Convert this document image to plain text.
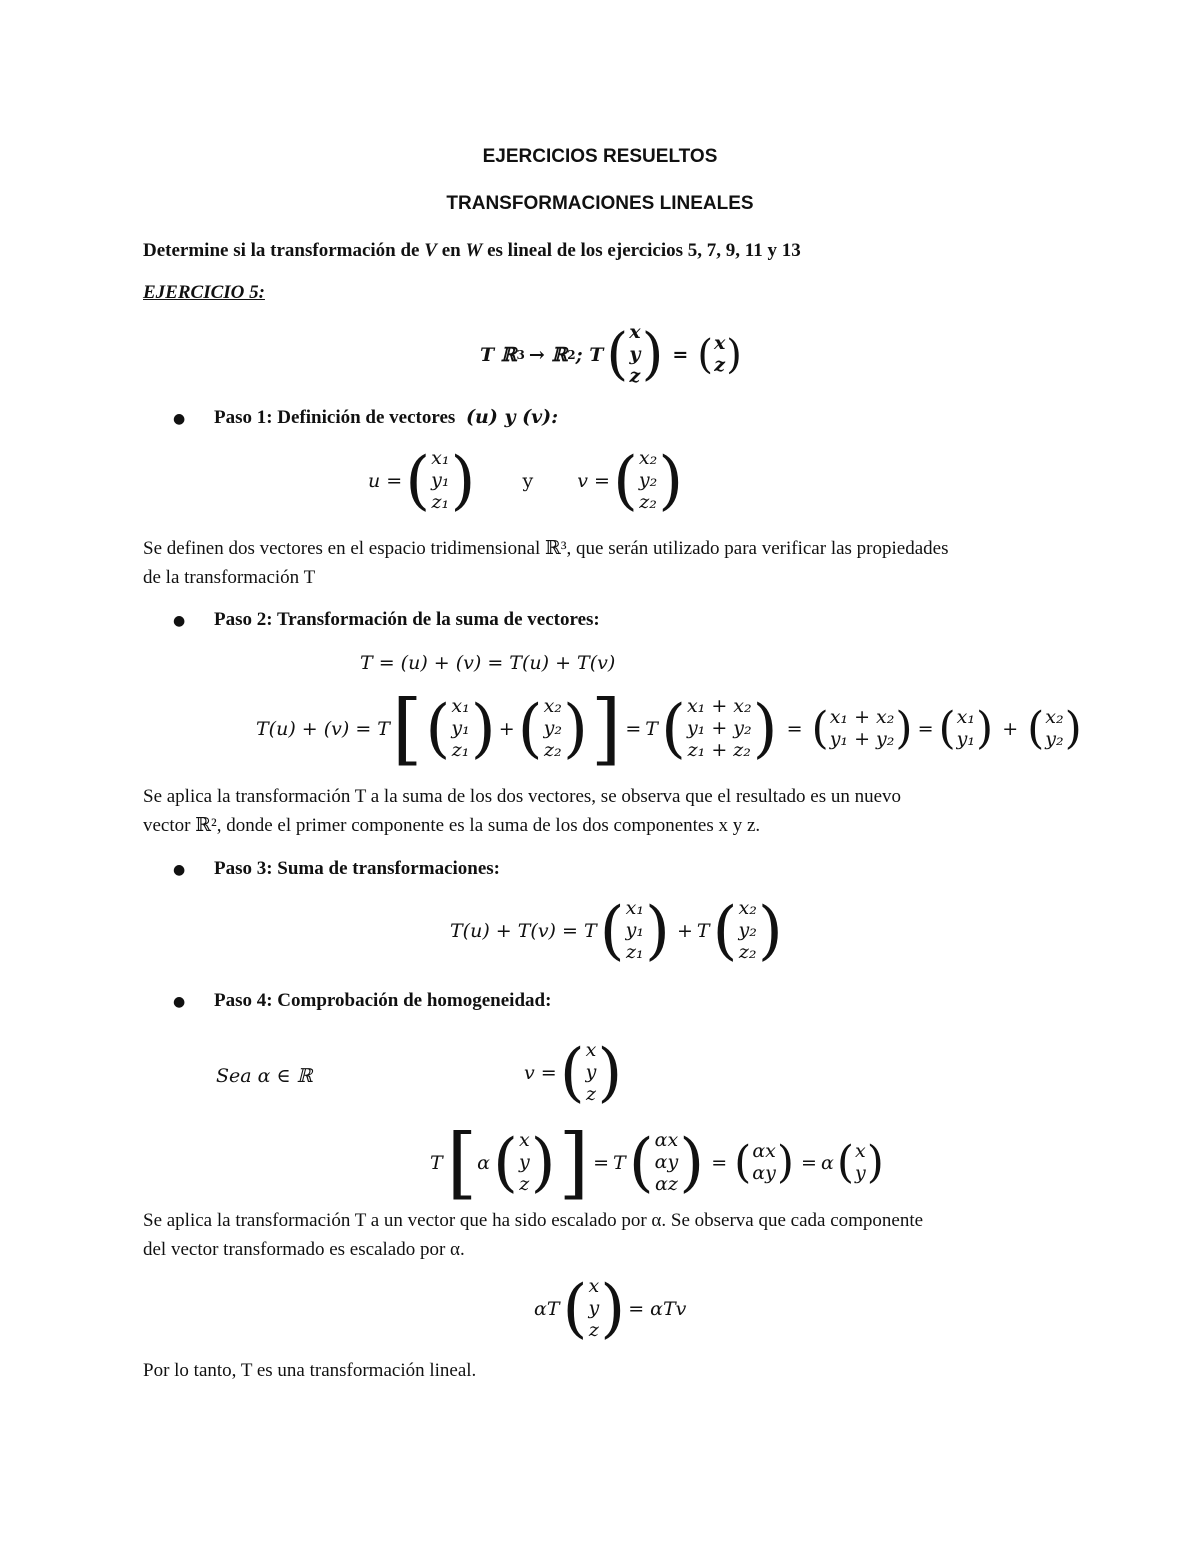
EJERCICIOS RESUELTOS
TRANSFORMACIONES LINEALES
Determine si la transformación de V en W es lineal de los ejercicios 5, 7, 9, 11 y 13
EJERCICIO 5:
T ℝ 3 → ℝ 2 ; T ( x
y
z ) = ( x
z )
● Paso 1: Definición de vectores (u) y (v):
u = ( x₁
y₁
z₁ ) y v = ( x₂
y₂
z₂ )
Se definen dos vectores en el espacio tridimensional ℝ³, que serán utilizado para verificar las propiedades
de la transformación T
● Paso 2: Transformación de la suma de vectores:
T = (u) + (v) = T(u) + T(v)
T(u) + (v) = T [ ( x₁
y₁
z₁ ) + ( x₂
y₂
z₂ ) ] = T ( x₁ + x₂
y₁ + y₂
z₁ + z₂ ) = ( x₁ + x₂
y₁ + y₂ ) = ( x₁
y₁ ) + ( x₂
y₂ )
Se aplica la transformación T a la suma de los dos vectores, se observa que el resultado es un nuevo
vector ℝ², donde el primer componente es la suma de los dos componentes x y z.
● Paso 3: Suma de transformaciones:
T(u) + T(v) = T ( x₁
y₁
z₁ ) + T ( x₂
y₂
z₂ )
● Paso 4: Comprobación de homogeneidad:
Sea α ∈ ℝ	v = ( x
y
z )
T [ α ( x
y
z ) ] = T ( αx
αy
αz ) = ( αx
αy ) = α ( x
y )
Se aplica la transformación T a un vector que ha sido escalado por α. Se observa que cada componente
del vector transformado es escalado por α.
αT ( x
y
z ) = αTv
Por lo tanto, T es una transformación lineal.
